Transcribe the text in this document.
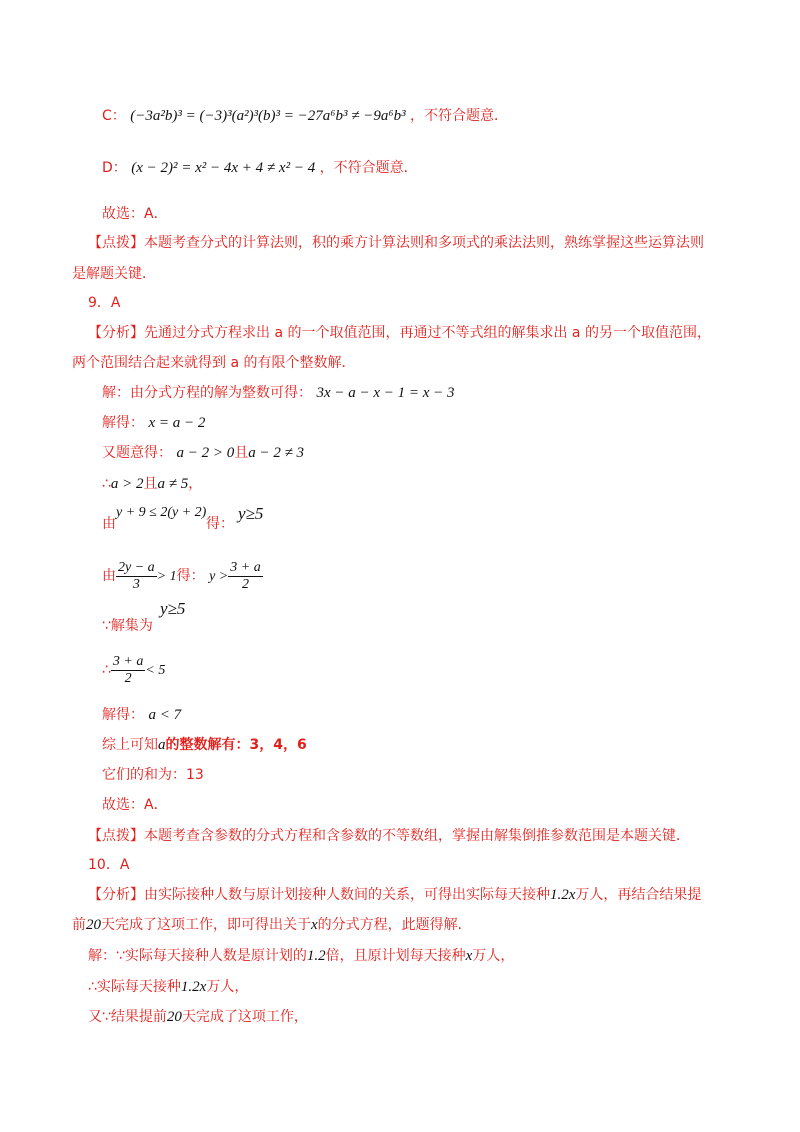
C： (−3a²b)³ = (−3)³(a²)³(b)³ = −27a⁶b³ ≠ −9a⁶b³ ，不符合题意．
D： (x − 2)² = x² − 4x + 4 ≠ x² − 4 ，不符合题意．
故选：A．
【点拨】本题考查分式的计算法则，积的乘方计算法则和多项式的乘法法则，熟练掌握这些运算法则
是解题关键．
9．A
【分析】先通过分式方程求出 a 的一个取值范围，再通过不等式组的解集求出 a 的另一个取值范围，
两个范围结合起来就得到 a 的有限个整数解．
解：由分式方程的解为整数可得： 3x − a − x − 1 = x − 3
解得： x = a − 2
又题意得： a − 2 > 0且a − 2 ≠ 3
∴a > 2且a ≠ 5，
y + 9 ≤ 2(y + 2)
由	得：
y≥5
由 $\frac{2y - a}{3} > 1$得： $y > \frac{3 + a}{2}$
∵解集为
y≥5
∴ $\frac{3 + a}{2} < 5$
解得： a < 7
综上可知a的整数解有：3，4，6
它们的和为：13
故选：A．
【点拨】本题考查含参数的分式方程和含参数的不等数组，掌握由解集倒推参数范围是本题关键．
10．A
【分析】由实际接种人数与原计划接种人数间的关系，可得出实际每天接种1.2x万人，再结合结果提
前20天完成了这项工作，即可得出关于x的分式方程，此题得解．
解：∵实际每天接种人数是原计划的1.2倍，且原计划每天接种x万人，
∴实际每天接种1.2x万人，
又∵结果提前20天完成了这项工作，
